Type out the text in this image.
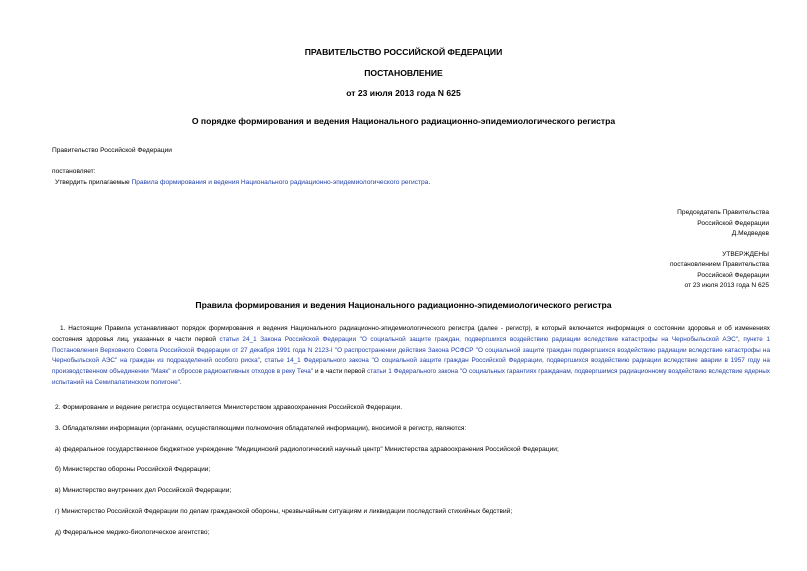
ПРАВИТЕЛЬСТВО РОССИЙСКОЙ ФЕДЕРАЦИИ
ПОСТАНОВЛЕНИЕ
от 23 июля 2013 года N 625
О порядке формирования и ведения Национального радиационно-эпидемиологического регистра
Правительство Российской Федерации
постановляет:
Утвердить прилагаемые Правила формирования и ведения Национального радиационно-эпидемиологического регистра.
Председатель Правительства
Российской Федерации
Д.Медведев
УТВЕРЖДЕНЫ
постановлением Правительства
Российской Федерации
от 23 июля 2013 года N 625
Правила формирования и ведения Национального радиационно-эпидемиологического регистра

1. Настоящие Правила устанавливают порядок формирования и ведения Национального радиационно-эпидемиологического регистра (далее - регистр), в который включается информация о состоянии здоровья и об изменениях состояния здоровья лиц, указанных в части первой статьи 24_1 Закона Российской Федерации "О социальной защите граждан, подвергшихся воздействию радиации вследствие катастрофы на Чернобыльской АЭС", пункте 1 Постановления Верховного Совета Российской Федерации от 27 декабря 1991 года N 2123-I "О распространении действия Закона РСФСР "О социальной защите граждан подвергшихся воздействию радиации вследствие катастрофы на Чернобыльской АЭС" на граждан из подразделений особого риска", статье 14_1 Федерального закона "О социальной защите граждан Российской Федерации, подвергшихся воздействию радиации вследствие аварии в 1957 году на производственном объединении "Маяк" и сбросов радиоактивных отходов в реку Теча" и в части первой статьи 1 Федерального закона "О социальных гарантиях гражданам, подвергшимся радиационному воздействию вследствие ядерных испытаний на Семипалатинском полигоне".

2. Формирование и ведение регистра осуществляется Министерством здравоохранения Российской Федерации.
3. Обладателями информации (органами, осуществляющими полномочия обладателей информации), вносимой в регистр, являются:
а) федеральное государственное бюджетное учреждение "Медицинский радиологический научный центр" Министерства здравоохранения Российской Федерации;
б) Министерство обороны Российской Федерации;
в) Министерство внутренних дел Российской Федерации;
г) Министерство Российской Федерации по делам гражданской обороны, чрезвычайным ситуациям и ликвидации последствий стихийных бедствий;
д) Федеральное медико-биологическое агентство;
